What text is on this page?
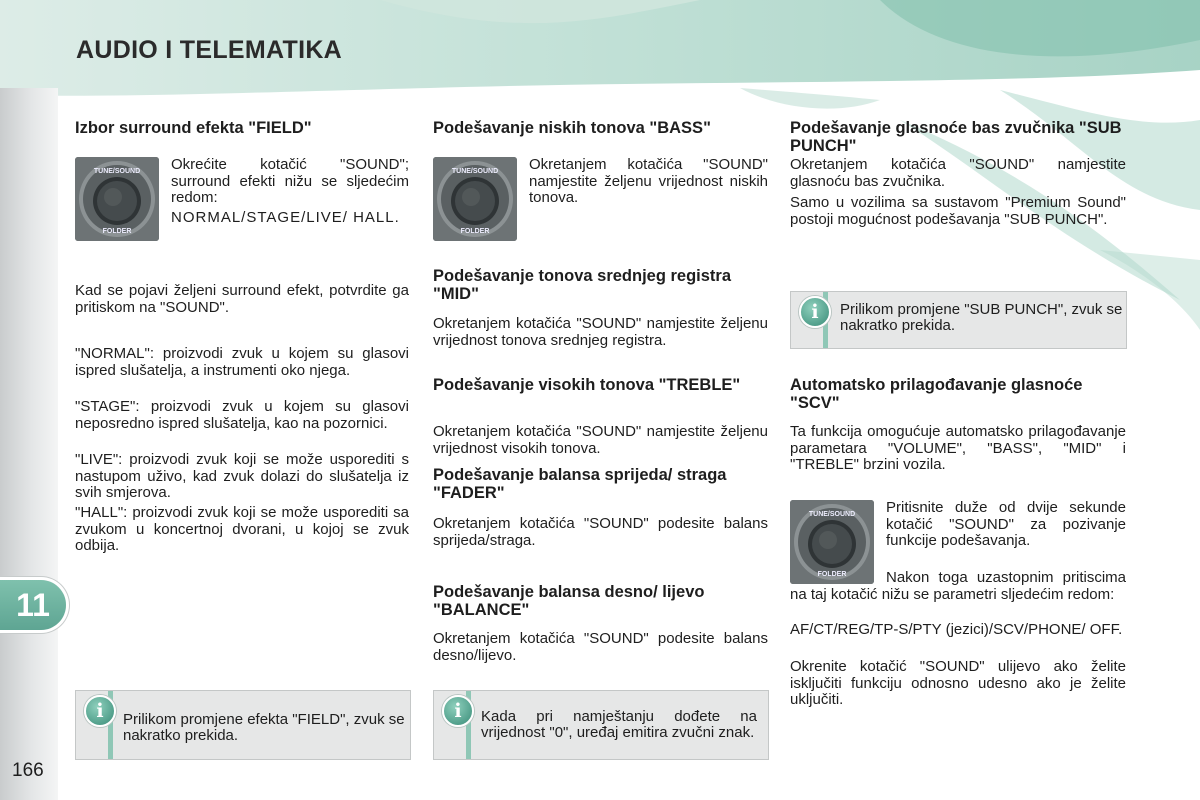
AUDIO I TELEMATIKA
11
166
Izbor surround efekta "FIELD"
TUNE/SOUND
FOLDER

Okrećite kotačić "SOUND"; surround efekti nižu se sljedećim redom:

NORMAL/STAGE/LIVE/ HALL.

Kad se pojavi željeni surround efekt, potvrdite ga pritiskom na "SOUND".

"NORMAL": proizvodi zvuk u kojem su glasovi ispred slušatelja, a instrumenti oko njega.

"STAGE": proizvodi zvuk u kojem su glasovi neposredno ispred slušatelja, kao na pozornici.

"LIVE": proizvodi zvuk koji se može usporediti s nastupom uživo, kad zvuk dolazi do slušatelja iz svih smjerova.

"HALL": proizvodi zvuk koji se može usporediti sa zvukom u koncertnoj dvorani, u kojoj se zvuk odbija.

i	Prilikom promjene efekta "FIELD", zvuk se nakratko prekida.
Podešavanje niskih tonova "BASS"
TUNE/SOUND
FOLDER

Okretanjem kotačića "SOUND" namjestite željenu vrijednost niskih tonova.

Podešavanje tonova srednjeg registra "MID"

Okretanjem kotačića "SOUND" namjestite željenu vrijednost tonova srednjeg registra.

Podešavanje visokih tonova "TREBLE"

Okretanjem kotačića "SOUND" namjestite željenu vrijednost visokih tonova.

Podešavanje balansa sprijeda/ straga "FADER"

Okretanjem kotačića "SOUND" podesite balans sprijeda/straga.

Podešavanje balansa desno/ lijevo "BALANCE"

Okretanjem kotačića "SOUND" podesite balans desno/lijevo.

i	Kada pri namještanju dođete na vrijednost "0", uređaj emitira zvučni znak.
Podešavanje glasnoće bas zvučnika "SUB PUNCH"

Okretanjem kotačića "SOUND" namjestite glasnoću bas zvučnika.

Samo u vozilima sa sustavom "Premium Sound" postoji mogućnost podešavanja "SUB PUNCH".

i	Prilikom promjene "SUB PUNCH", zvuk se nakratko prekida.
Automatsko prilagođavanje glasnoće "SCV"

Ta funkcija omogućuje automatsko prilagođavanje parametara "VOLUME", "BASS", "MID" i "TREBLE" brzini vozila.

TUNE/SOUND
FOLDER

Pritisnite duže od dvije sekunde kotačić "SOUND" za pozivanje funkcije podešavanja.

Nakon toga uzastopnim pritiscima na taj kotačić nižu se parametri sljedećim redom:

AF/CT/REG/TP-S/PTY (jezici)/SCV/PHONE/ OFF.

Okrenite kotačić "SOUND" ulijevo ako želite isključiti funkciju odnosno udesno ako je želite uključiti.
